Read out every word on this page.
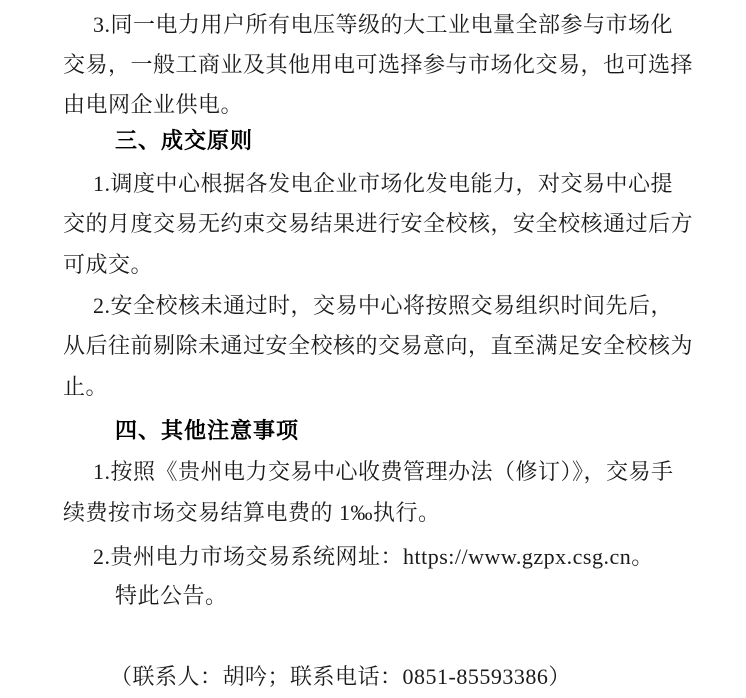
3.同一电力用户所有电压等级的大工业电量全部参与市场化
交易，一般工商业及其他用电可选择参与市场化交易，也可选择
由电网企业供电。
三、成交原则
1.调度中心根据各发电企业市场化发电能力，对交易中心提
交的月度交易无约束交易结果进行安全校核，安全校核通过后方
可成交。
2.安全校核未通过时，交易中心将按照交易组织时间先后，
从后往前剔除未通过安全校核的交易意向，直至满足安全校核为
止。
四、其他注意事项
1.按照《贵州电力交易中心收费管理办法（修订）》，交易手
续费按市场交易结算电费的 1‰执行。
2.贵州电力市场交易系统网址：https://www.gzpx.csg.cn。
特此公告。
（联系人：胡吟；联系电话：0851-85593386）
